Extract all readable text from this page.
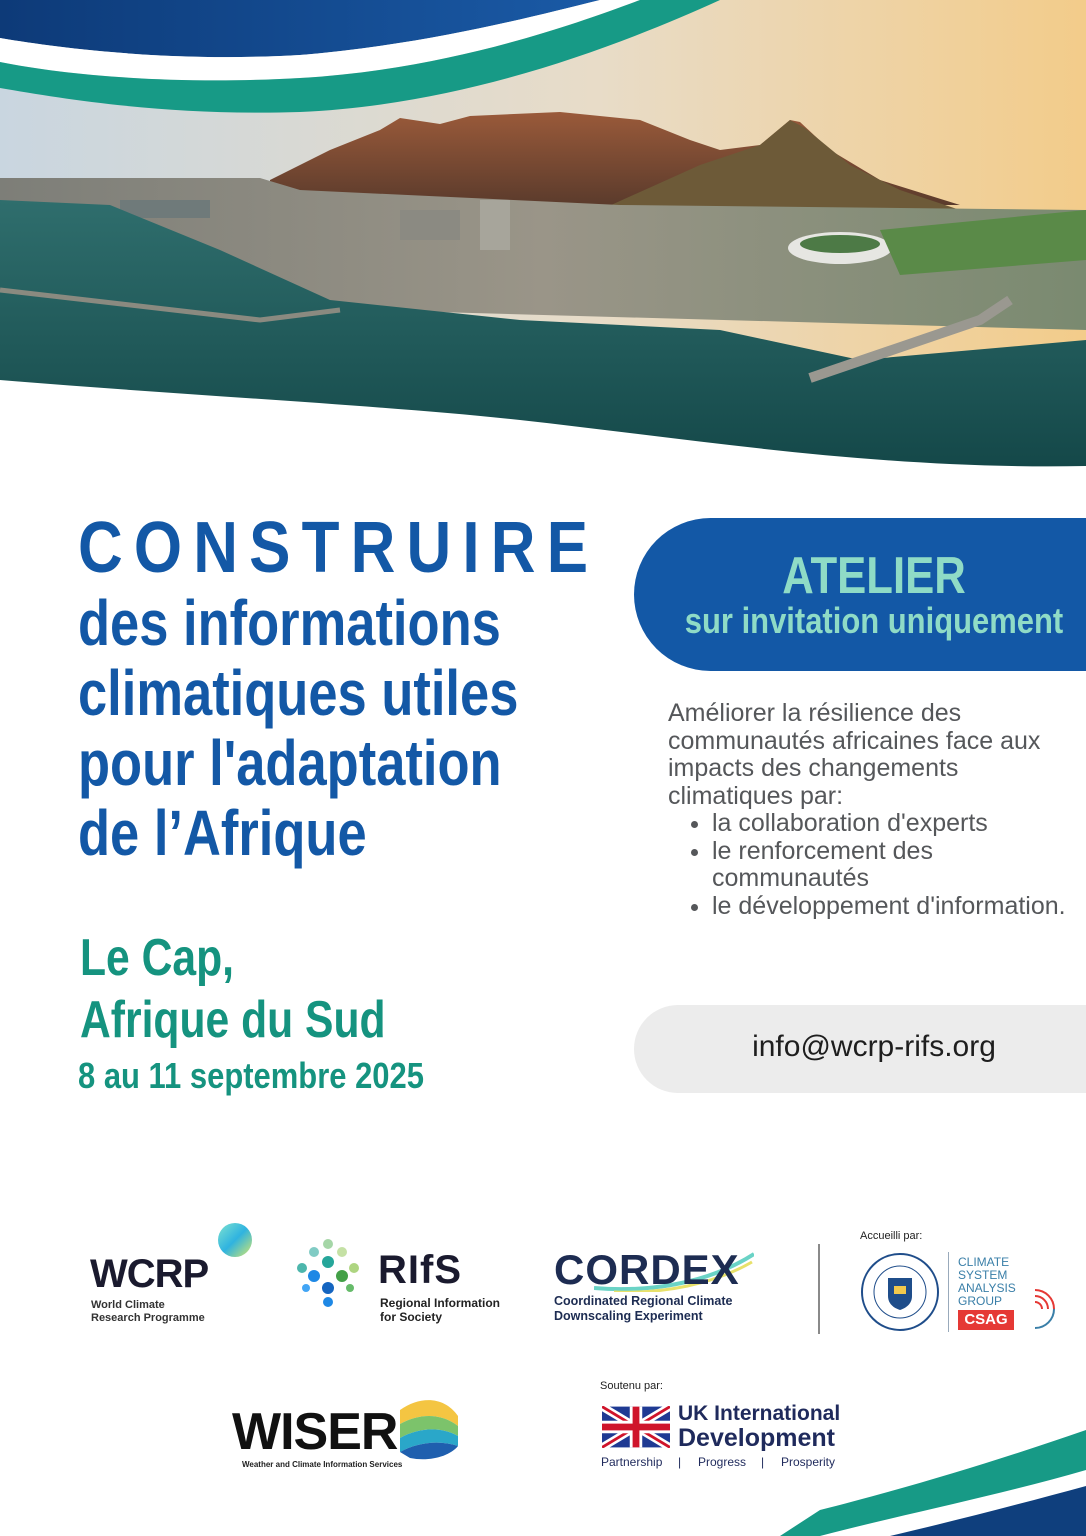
CONSTRUIRE
des informations
climatiques utiles
pour l'adaptation
de l’Afrique
Le Cap,
Afrique du Sud
8 au 11 septembre 2025
ATELIER
sur invitation uniquement

Améliorer la résilience des communautés africaines face aux impacts des changements climatiques par:

• la collaboration d'experts
• le renforcement des communautés
• le développement d'information.
info@wcrp-rifs.org
WCRP
World Climate
Research Programme
RIfS
Regional Information
for Society
CORDEX
Coordinated Regional Climate
Downscaling Experiment
Accueilli par:
CLIMATE
SYSTEM
ANALYSIS
GROUP
CSAG
WISER
Weather and Climate Information Services
Soutenu par:
UK International
Development
Partnership | Progress | Prosperity
